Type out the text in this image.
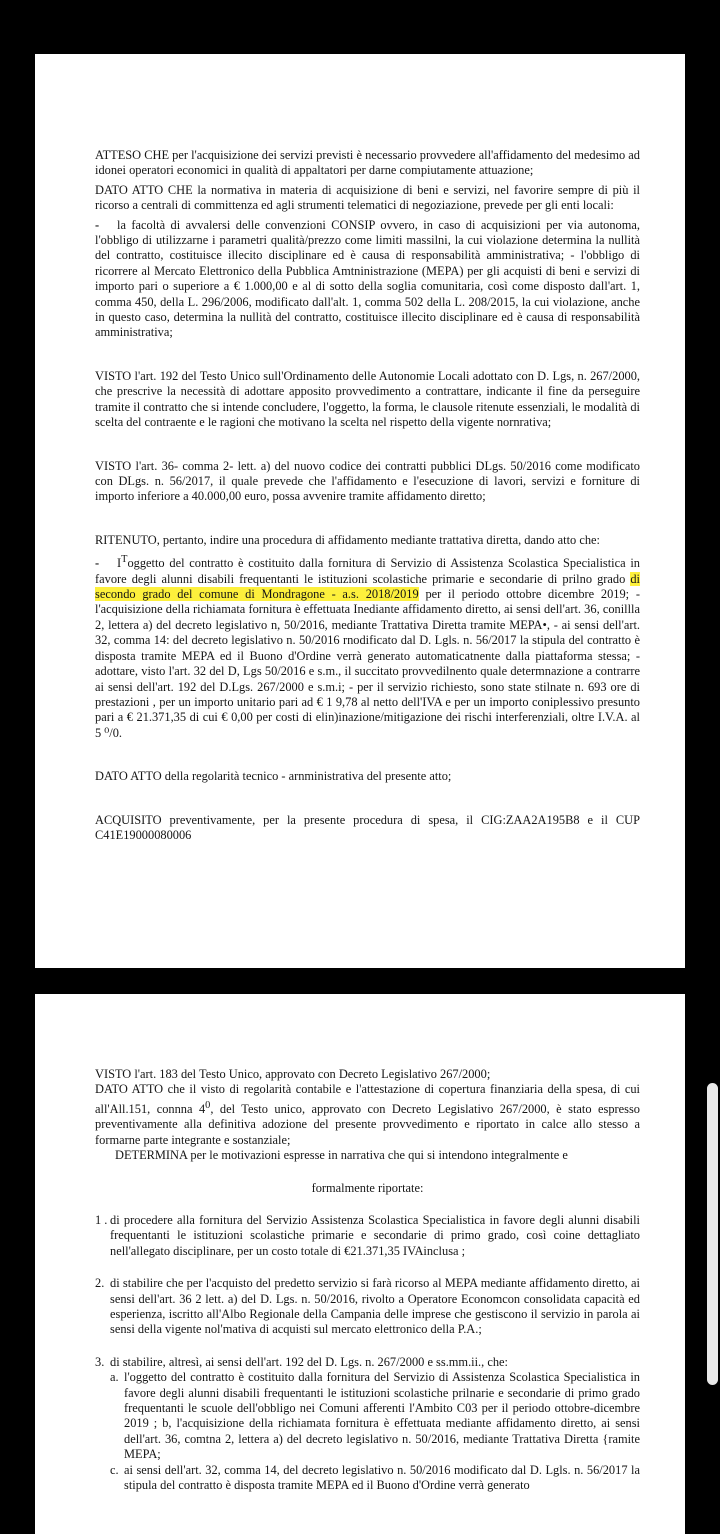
ATTESO CHE per l'acquisizione dei servizi previsti è necessario provvedere all'affidamento del medesimo ad idonei operatori economici in qualità di appaltatori per darne compiutamente attuazione;

DATO ATTO CHE la normativa in materia di acquisizione di beni e servizi, nel favorire sempre di più il ricorso a centrali di committenza ed agli strumenti telematici di negoziazione, prevede per gli enti locali:

- la facoltà di avvalersi delle convenzioni CONSIP ovvero, in caso di acquisizioni per via autonoma, l'obbligo di utilizzarne i parametri qualità/prezzo come limiti massilni, la cui violazione determina la nullità del contratto, costituisce illecito disciplinare ed è causa di responsabilità amministrativa; - l'obbligo di ricorrere al Mercato Elettronico della Pubblica Amtninistrazione (MEPA) per gli acquisti di beni e servizi di importo pari o superiore a € 1.000,00 e al di sotto della soglia comunitaria, così come disposto dall'art. 1, comma 450, della L. 296/2006, modificato dall'alt. 1, comma 502 della L. 208/2015, la cui violazione, anche in questo caso, determina la nullità del contratto, costituisce illecito disciplinare ed è causa di responsabilità amministrativa;

VISTO l'art. 192 del Testo Unico sull'Ordinamento delle Autonomie Locali adottato con D. Lgs, n. 267/2000, che prescrive la necessità di adottare apposito provvedimento a contrattare, indicante il fine da perseguire tramite il contratto che si intende concludere, l'oggetto, la forma, le clausole ritenute essenziali, le modalità di scelta del contraente e le ragioni che motivano la scelta nel rispetto della vigente nornrativa;

VISTO l'art. 36- comma 2- lett. a) del nuovo codice dei contratti pubblici DLgs. 50/2016 come modificato con DLgs. n. 56/2017, il quale prevede che l'affidamento e l'esecuzione di lavori, servizi e forniture di importo inferiore a 40.000,00 euro, possa avvenire tramite affidamento diretto;

RITENUTO, pertanto, indire una procedura di affidamento mediante trattativa diretta, dando atto che:

- $I^Toggetto$ del contratto è costituito dalla fornitura di Servizio di Assistenza Scolastica Specialistica in favore degli alunni disabili frequentanti le istituzioni scolastiche primarie e secondarie di prilno grado di secondo grado del comune di Mondragone - a.s. 2018/2019 per il periodo ottobre dicembre 2019; - l'acquisizione della richiamata fornitura è effettuata Inediante affidamento diretto, ai sensi dell'art. 36, conillla 2, lettera a) del decreto legislativo n, 50/2016, mediante Trattativa Diretta tramite MEPA•, - ai sensi dell'art. 32, comma 14: del decreto legislativo n. 50/2016 rnodificato dal D. Lgls. n. 56/2017 la stipula del contratto è disposta tramite MEPA ed il Buono d'Ordine verrà generato automaticatnente dalla piattaforma stessa; - adottare, visto l'art. 32 del D, Lgs 50/2016 e s.m., il succitato provvedilnento quale determnazione a contrarre ai sensi dell'art. 192 del D.Lgs. 267/2000 e s.m.i; - per il servizio richiesto, sono state stilnate n. 693 ore di prestazioni , per un importo unitario pari ad € 1 9,78 al netto dell'IVA e per un importo coniplessivo presunto pari a € 21.371,35 di cui € 0,00 per costi di elin)inazione/mitigazione dei rischi interferenziali, oltre I.V.A. al 5 ⁰/0.

DATO ATTO della regolarità tecnico - arnministrativa del presente atto;

ACQUISITO preventivamente, per la presente procedura di spesa, il CIG:ZAA2A195B8 e il CUP C41E19000080006

VISTO l'art. 183 del Testo Unico, approvato con Decreto Legislativo 267/2000;

DATO ATTO che il visto di regolarità contabile e l'attestazione di copertura finanziaria della spesa, di cui all'All.151, connna $4^0$, del Testo unico, approvato con Decreto Legislativo 267/2000, è stato espresso preventivamente alla definitiva adozione del presente provvedimento e riportato in calce allo stesso a formarne parte integrante e sostanziale;

DETERMINA per le motivazioni espresse in narrativa che qui si intendono integralmente e

formalmente riportate:

1 . di procedere alla fornitura del Servizio Assistenza Scolastica Specialistica in favore degli alunni disabili frequentanti le istituzioni scolastiche primarie e secondarie di primo grado, così coine dettagliato nell'allegato disciplinare, per un costo totale di €21.371,35 IVAinclusa ;
2. di stabilire che per l'acquisto del predetto servizio si farà ricorso al MEPA mediante affidamento diretto, ai sensi dell'art. 36 2 lett. a) del D. Lgs. n. 50/2016, rivolto a Operatore Economcon consolidata capacità ed esperienza, iscritto all'Albo Regionale della Campania delle imprese che gestiscono il servizio in parola ai sensi della vigente nol'mativa di acquisti sul mercato elettronico della P.A.;
3. di stabilire, altresì, ai sensi dell'art. 192 del D. Lgs. n. 267/2000 e ss.mm.ii., che:
a. l'oggetto del contratto è costituito dalla fornitura del Servizio di Assistenza Scolastica Specialistica in favore degli alunni disabili frequentanti le istituzioni scolastiche prilnarie e secondarie di primo grado frequentanti le scuole dell'obbligo nei Comuni afferenti l'Ambito C03 per il periodo ottobre-dicembre 2019 ; b, l'acquisizione della richiamata fornitura è effettuata mediante affidamento diretto, ai sensi dell'art. 36, comtna 2, lettera a) del decreto legislativo n. 50/2016, mediante Trattativa Diretta {ramite MEPA;
c. ai sensi dell'art. 32, comma 14, del decreto legislativo n. 50/2016 modificato dal D. Lgls. n. 56/2017 la stipula del contratto è disposta tramite MEPA ed il Buono d'Ordine verrà generato
